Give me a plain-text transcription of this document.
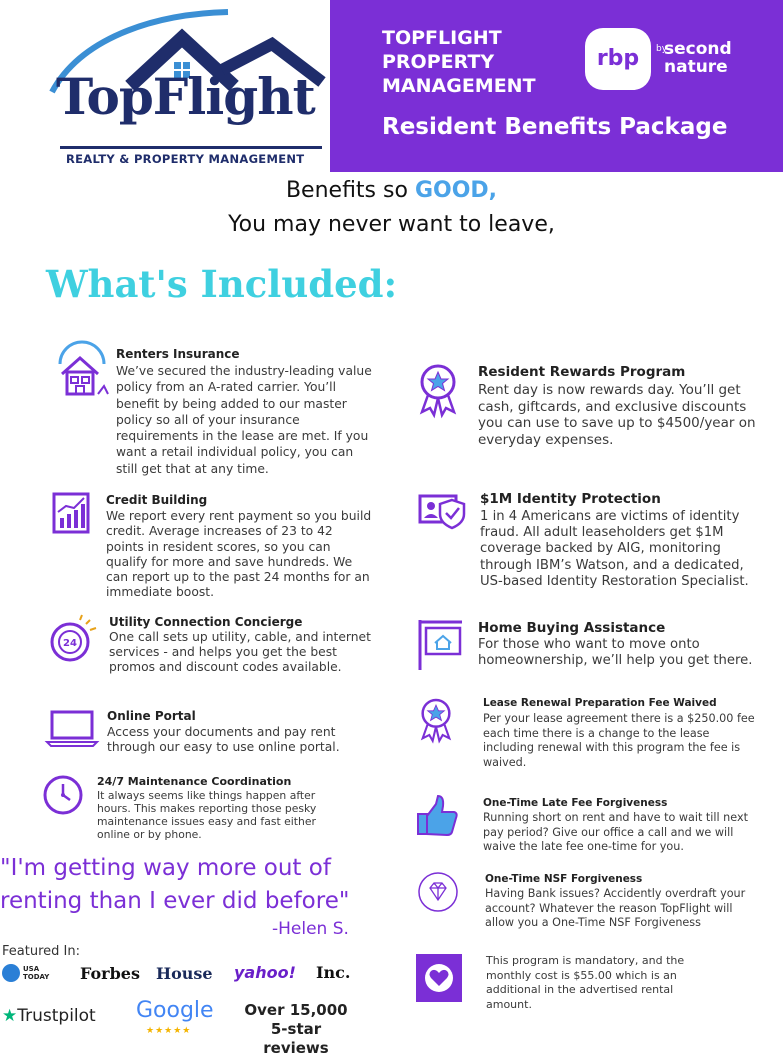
TopFlight
REALTY & PROPERTY MANAGEMENT
TOPFLIGHT PROPERTY MANAGEMENT
Resident Benefits Package
rbp	by
second nature
Benefits so GOOD,
You may never want to leave,
What's Included:
Renters Insurance
We’ve secured the industry-leading value policy from an A-rated carrier. You’ll benefit by being added to our master policy so all of your insurance requirements in the lease are met. If you want a retail individual policy, you can still get that at any time.
Credit Building
We report every rent payment so you build credit. Average increases of 23 to 42 points in resident scores, so you can qualify for more and save hundreds. We can report up to the past 24 months for an immediate boost.
24
Utility Connection Concierge
One call sets up utility, cable, and internet services - and helps you get the best promos and discount codes available.
Online Portal
Access your documents and pay rent through our easy to use online portal.
24/7 Maintenance Coordination
It always seems like things happen after hours. This makes reporting those pesky maintenance issues easy and fast either online or by phone.
Resident Rewards Program
Rent day is now rewards day. You’ll get cash, giftcards, and exclusive discounts you can use to save up to $4500/year on everyday expenses.
$1M Identity Protection
1 in 4 Americans are victims of identity fraud. All adult leaseholders get $1M coverage backed by AIG, monitoring through IBM’s Watson, and a dedicated, US-based Identity Restoration Specialist.
Home Buying Assistance
For those who want to move onto homeownership, we’ll help you get there.
Lease Renewal Preparation Fee Waived
Per your lease agreement there is a $250.00 fee each time there is a change to the lease including renewal with this program the fee is waived.
One-Time Late Fee Forgiveness
Running short on rent and have to wait till next pay period? Give our office a call and we will waive the late fee one-time for you.
One-Time NSF Forgiveness
Having Bank issues? Accidently overdraft your account? Whatever the reason TopFlight will allow you a One-Time NSF Forgiveness
This program is mandatory, and the monthly cost is $55.00 which is an additional in the advertised rental amount.
"I'm getting way more out of renting than I ever did before"
-Helen S.
Featured In:
USA
TODAY Forbes House yahoo! Inc.
★Trustpilot Google
★★★★★
Over 15,000
5-star reviews
